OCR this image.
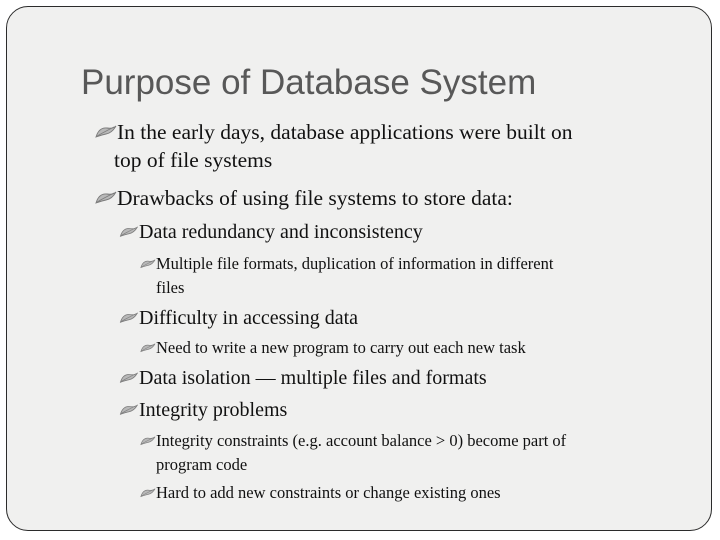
Purpose of Database System
In the early days, database applications were built on
top of file systems
Drawbacks of using file systems to store data:
Data redundancy and inconsistency
Multiple file formats, duplication of information in different
files
Difficulty in accessing data
Need to write a new program to carry out each new task
Data isolation — multiple files and formats
Integrity problems
Integrity constraints (e.g. account balance > 0) become part of
program code
Hard to add new constraints or change existing ones
